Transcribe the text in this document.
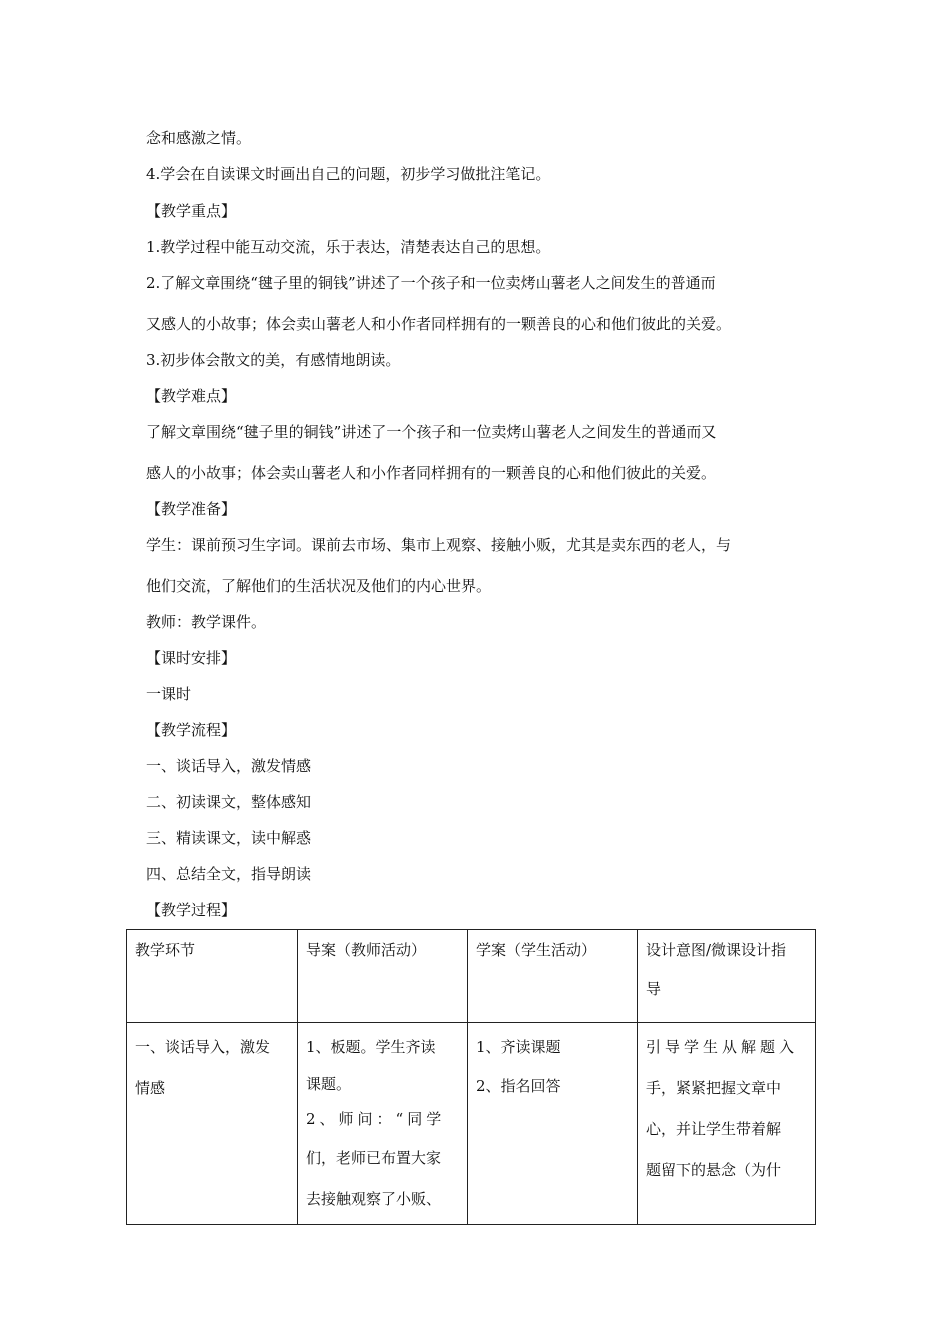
念和感激之情。
4.学会在自读课文时画出自己的问题，初步学习做批注笔记。
【教学重点】
1.教学过程中能互动交流，乐于表达，清楚表达自己的思想。
2.了解文章围绕“毽子里的铜钱”讲述了一个孩子和一位卖烤山薯老人之间发生的普通而
又感人的小故事；体会卖山薯老人和小作者同样拥有的一颗善良的心和他们彼此的关爱。
3.初步体会散文的美，有感情地朗读。
【教学难点】
了解文章围绕“毽子里的铜钱”讲述了一个孩子和一位卖烤山薯老人之间发生的普通而又
感人的小故事；体会卖山薯老人和小作者同样拥有的一颗善良的心和他们彼此的关爱。
【教学准备】
学生：课前预习生字词。课前去市场、集市上观察、接触小贩，尤其是卖东西的老人，与
他们交流，了解他们的生活状况及他们的内心世界。
教师：教学课件。
【课时安排】
一课时
【教学流程】
一、谈话导入，激发情感
二、初读课文，整体感知
三、精读课文，读中解惑
四、总结全文，指导朗读
【教学过程】
教学环节	导案（教师活动）	学案（学生活动）	设计意图/微课设计指
导

一、谈话导入，激发
情感	1、板题。学生齐读
课题。
2、师问：“同学
们，老师已布置大家
去接触观察了小贩、	1、齐读课题
2、指名回答	引导学生从解题入
手，紧紧把握文章中
心，并让学生带着解
题留下的悬念（为什
